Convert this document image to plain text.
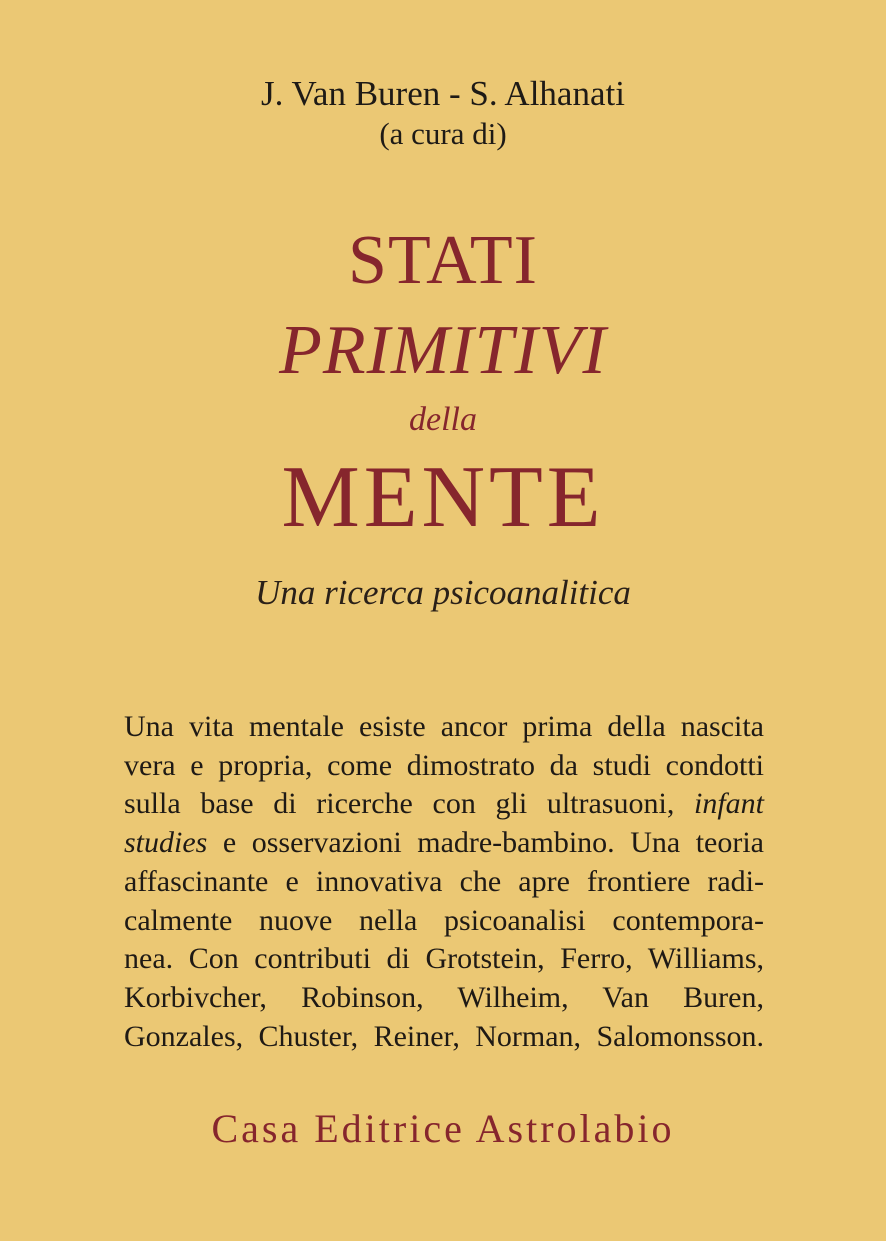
J. Van Buren - S. Alhanati
(a cura di)
STATI
PRIMITIVI
della
MENTE
Una ricerca psicoanalitica

Una vita mentale esiste ancor prima della nascita
vera e propria, come dimostrato da studi condotti
sulla base di ricerche con gli ultrasuoni, infant
studies e osservazioni madre-bambino. Una teoria
affascinante e innovativa che apre frontiere radi-
calmente nuove nella psicoanalisi contempora-
nea. Con contributi di Grotstein, Ferro, Williams,
Korbivcher, Robinson, Wilheim, Van Buren,
Gonzales, Chuster, Reiner, Norman, Salomonsson.

Casa Editrice Astrolabio
